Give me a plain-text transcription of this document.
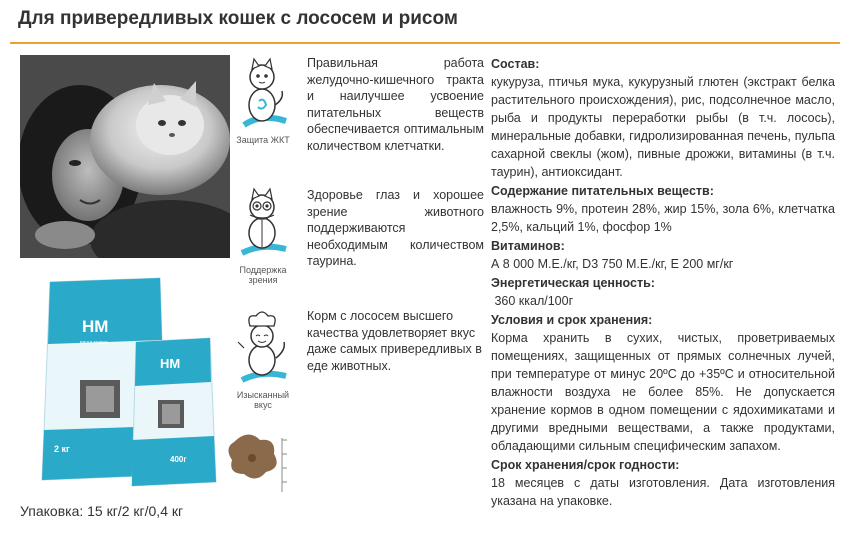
Для привередливых кошек с лососем и рисом
HM
ваша марка
2 кг
HM
400г

Упаковка: 15 кг/2 кг/0,4 кг

Защита ЖКТ

Правильная работа желудочно-кишечного тракта и наилучшее усвоение питательных веществ обеспечивается оптимальным количеством клетчатки.

Поддержка зрения

Здоровье глаз и хорошее зрение животного поддерживаются необходимым количеством таурина.

Изысканный вкус

Корм с лососем высшего качества удовлетворяет вкус даже самых привередливых в еде животных.

Состав:

кукуруза, птичья мука, кукурузный глютен (экстракт белка растительного происхождения), рис, подсолнечное масло, рыба и продукты переработки рыбы (в т.ч. лосось), минеральные добавки, гидролизированная печень, пульпа сахарной свеклы (жом), пивные дрожжи, витамины (в т.ч. таурин), антиоксидант.

Содержание питательных веществ:

влажность 9%, протеин 28%, жир 15%, зола 6%, клетчатка 2,5%, кальций 1%, фосфор 1%

Витаминов:

А 8 000 М.Е./кг, D3 750 М.Е./кг, Е 200 мг/кг

Энергетическая ценность:

360 ккал/100г

Условия и срок хранения:

Корма хранить в сухих, чистых, проветриваемых помещениях, защищенных от прямых солнечных лучей, при температуре от минус 20ºС до +35ºС и относительной влажности воздуха не более 85%. Не допускается хранение кормов в одном помещении с ядохимикатами и другими вредными веществами, а также продуктами, обладающими сильным специфическим запахом.

Срок хранения/срок годности:

18 месяцев с даты изготовления. Дата изготовления указана на упаковке.
